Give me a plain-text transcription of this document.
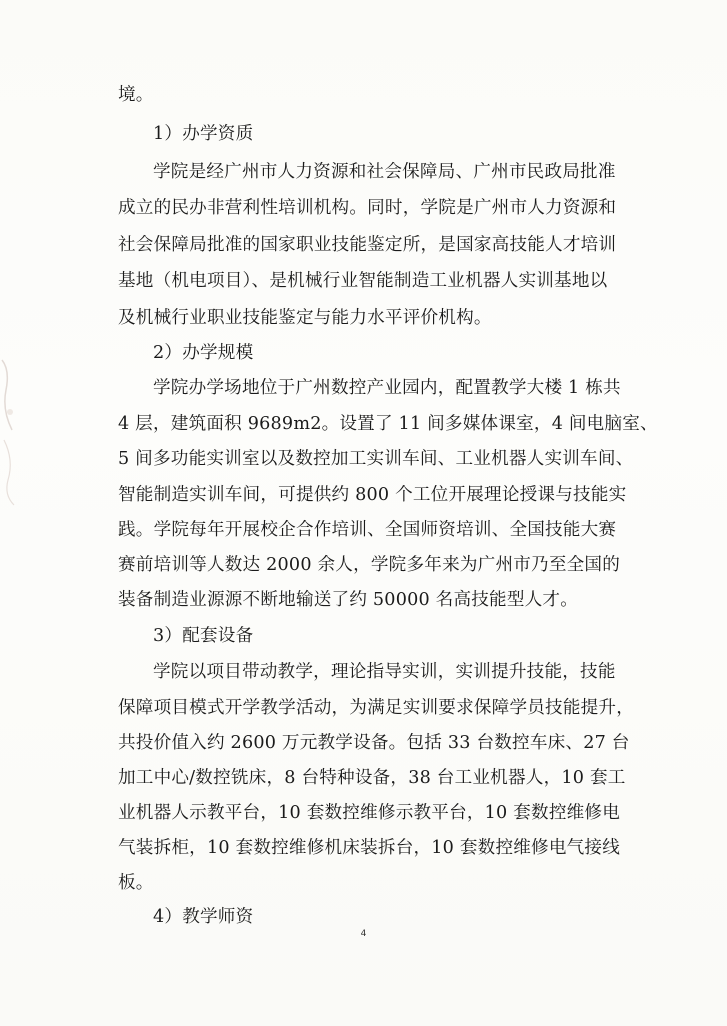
境。
1）办学资质
学院是经广州市人力资源和社会保障局、广州市民政局批准
成立的民办非营利性培训机构。同时，学院是广州市人力资源和
社会保障局批准的国家职业技能鉴定所，是国家高技能人才培训
基地（机电项目）、是机械行业智能制造工业机器人实训基地以
及机械行业职业技能鉴定与能力水平评价机构。
2）办学规模
学院办学场地位于广州数控产业园内，配置教学大楼 1 栋共
4 层，建筑面积 9689m2。设置了 11 间多媒体课室，4 间电脑室、
5 间多功能实训室以及数控加工实训车间、工业机器人实训车间、
智能制造实训车间，可提供约 800 个工位开展理论授课与技能实
践。学院每年开展校企合作培训、全国师资培训、全国技能大赛
赛前培训等人数达 2000 余人，学院多年来为广州市乃至全国的
装备制造业源源不断地输送了约 50000 名高技能型人才。
3）配套设备
学院以项目带动教学，理论指导实训，实训提升技能，技能
保障项目模式开学教学活动，为满足实训要求保障学员技能提升，
共投价值入约 2600 万元教学设备。包括 33 台数控车床、27 台
加工中心/数控铣床，8 台特种设备，38 台工业机器人，10 套工
业机器人示教平台，10 套数控维修示教平台，10 套数控维修电
气装拆柜，10 套数控维修机床装拆台，10 套数控维修电气接线
板。
4）教学师资
4
